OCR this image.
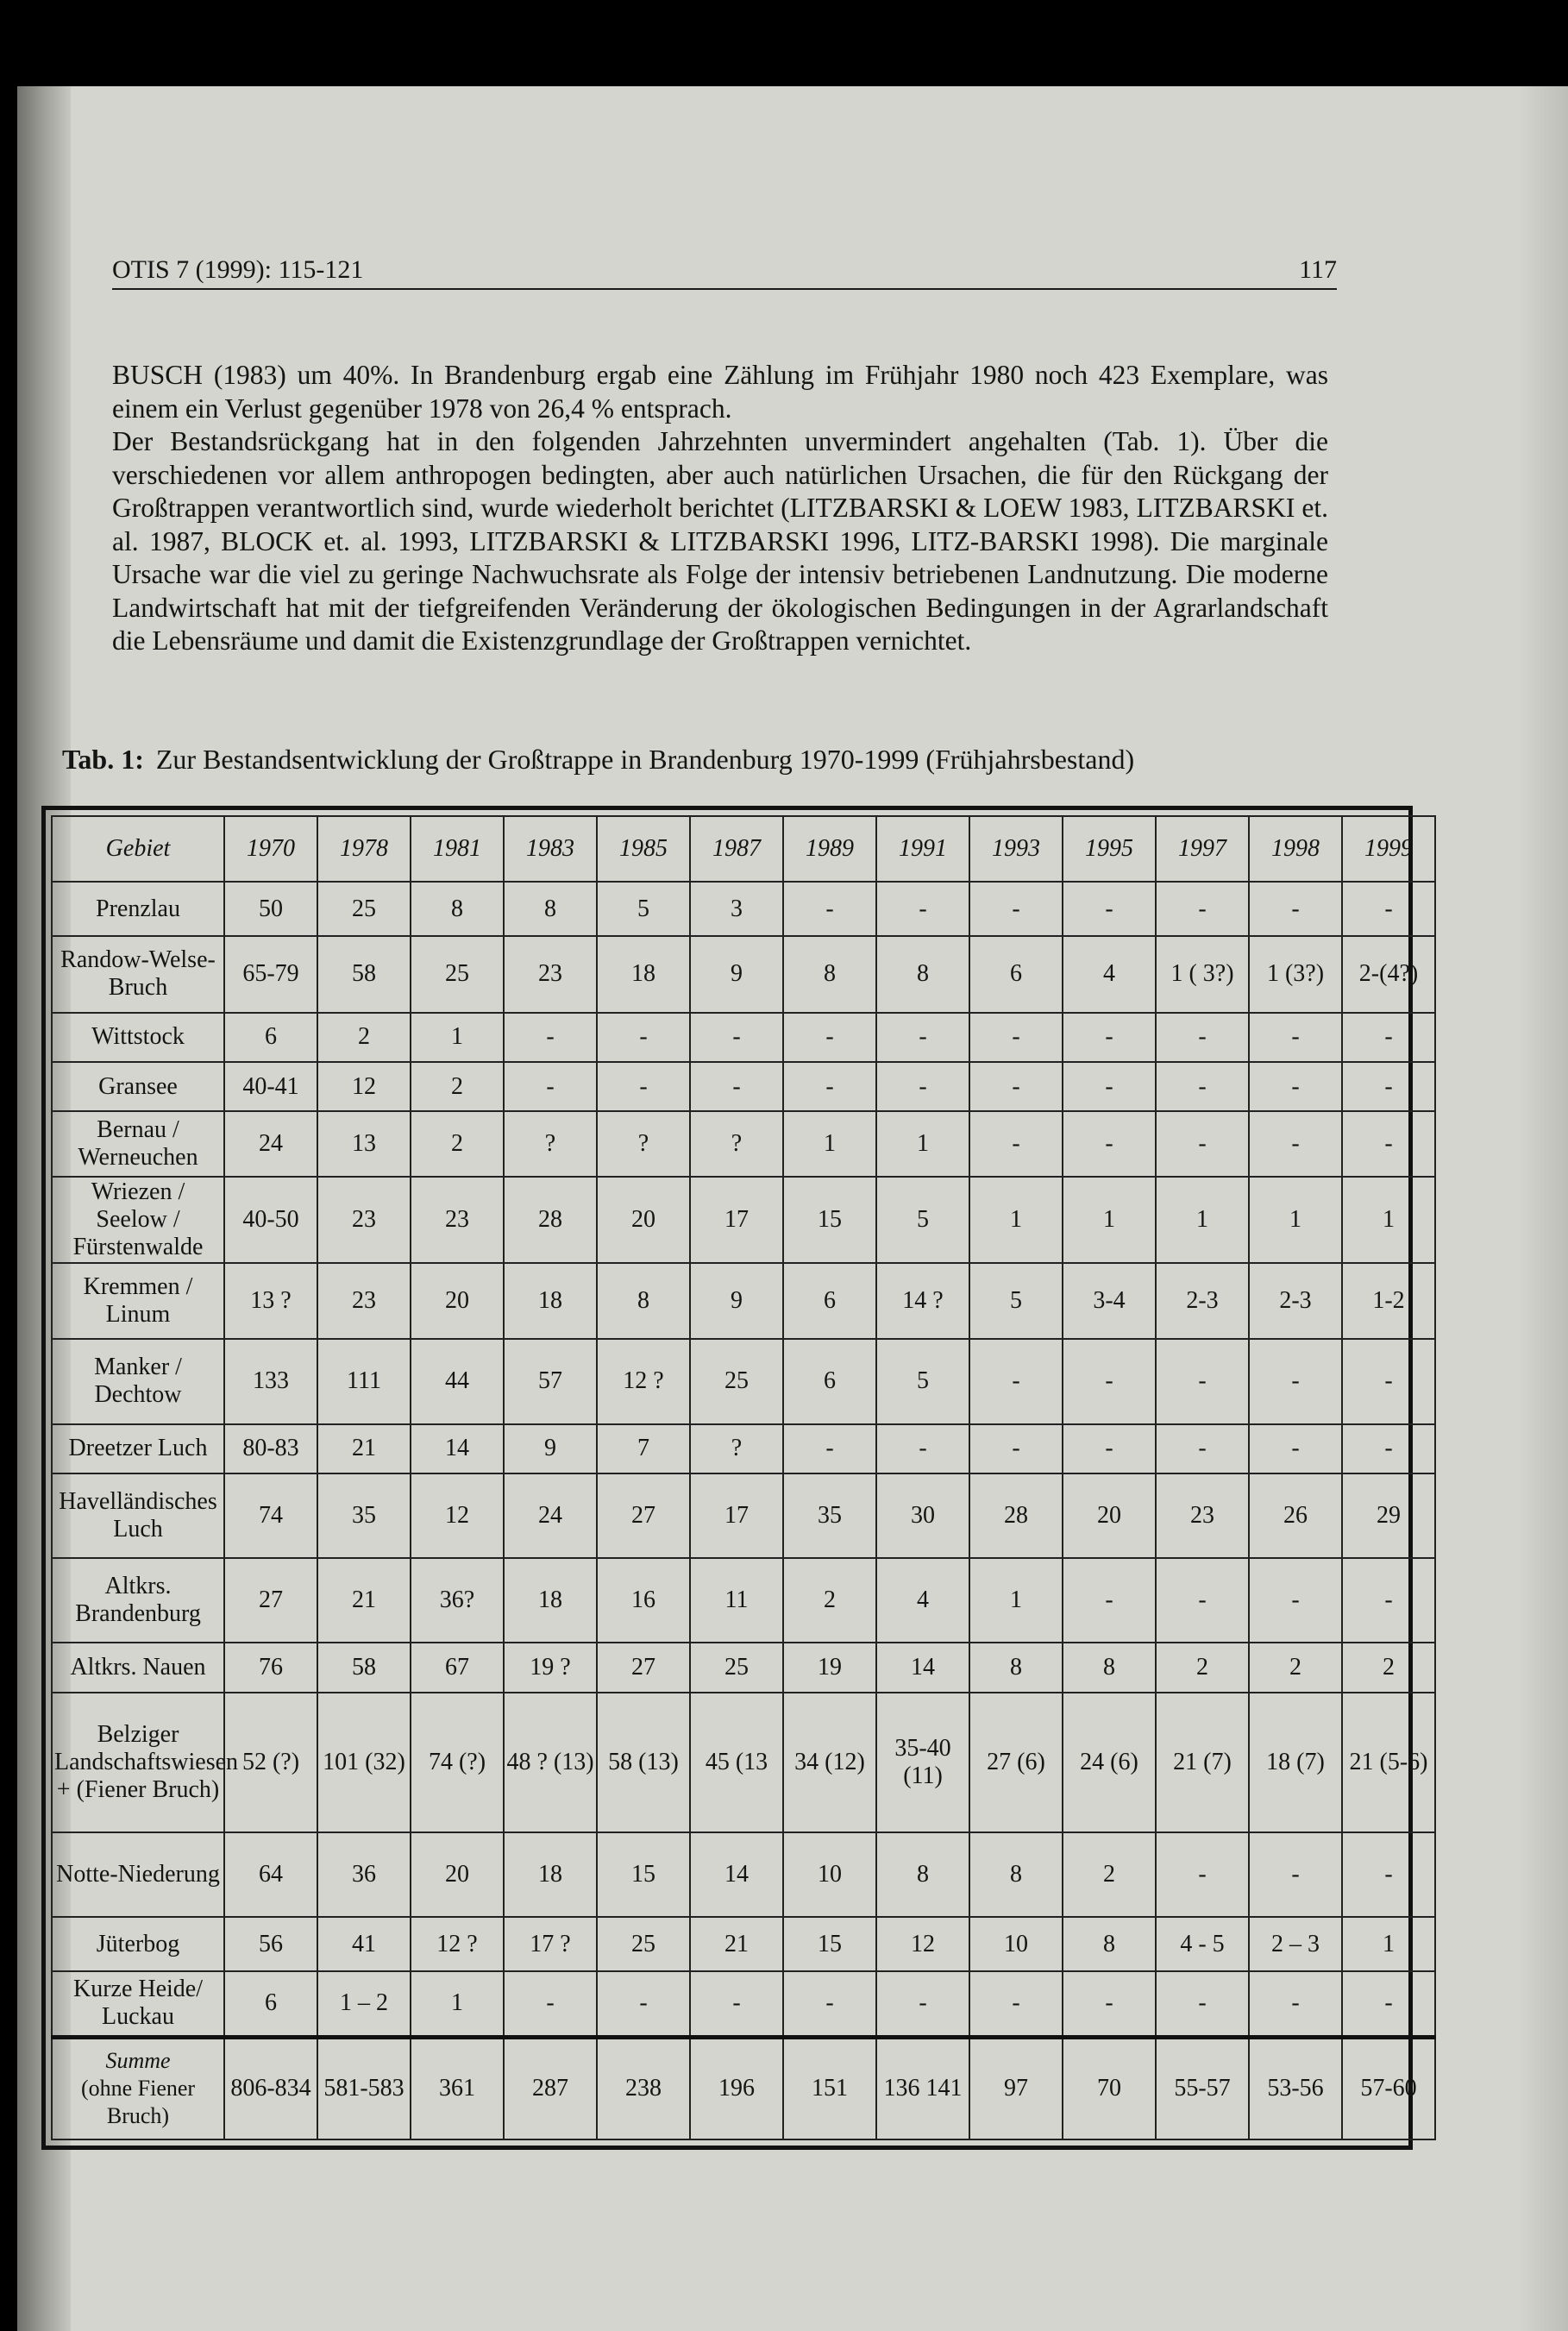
OTIS 7 (1999): 115-121	117

BUSCH (1983) um 40%. In Brandenburg ergab eine Zählung im Frühjahr 1980 noch 423 Exemplare, was einem ein Verlust gegenüber 1978 von 26,4 % entsprach.

Der Bestandsrückgang hat in den folgenden Jahrzehnten unvermindert angehalten (Tab. 1). Über die verschiedenen vor allem anthropogen bedingten, aber auch natürlichen Ursachen, die für den Rückgang der Großtrappen verantwortlich sind, wurde wiederholt berichtet (LITZBARSKI & LOEW 1983, LITZBARSKI et. al. 1987, BLOCK et. al. 1993, LITZBARSKI & LITZBARSKI 1996, LITZ-BARSKI 1998). Die marginale Ursache war die viel zu geringe Nachwuchsrate als Folge der intensiv betriebenen Landnutzung. Die moderne Landwirtschaft hat mit der tiefgreifenden Veränderung der ökologischen Bedingungen in der Agrarlandschaft die Lebensräume und damit die Existenzgrundlage der Großtrappen vernichtet.

Tab. 1: Zur Bestandsentwicklung der Großtrappe in Brandenburg 1970-1999 (Frühjahrsbestand)
Gebiet	1970	1978	1981	1983	1985	1987	1989	1991	1993	1995	1997	1998	1999
Prenzlau	50	25	8	8	5	3	-	-	-	-	-	-	-
Randow-Welse-Bruch	65-79	58	25	23	18	9	8	8	6	4	1 ( 3?)	1 (3?)	2-(4?)
Wittstock	6	2	1	-	-	-	-	-	-	-	-	-	-
Gransee	40-41	12	2	-	-	-	-	-	-	-	-	-	-
Bernau / Werneuchen	24	13	2	?	?	?	1	1	-	-	-	-	-
Wriezen / Seelow / Fürstenwalde	40-50	23	23	28	20	17	15	5	1	1	1	1	1
Kremmen / Linum	13 ?	23	20	18	8	9	6	14 ?	5	3-4	2-3	2-3	1-2
Manker / Dechtow	133	111	44	57	12 ?	25	6	5	-	-	-	-	-
Dreetzer Luch	80-83	21	14	9	7	?	-	-	-	-	-	-	-
Havelländisches Luch	74	35	12	24	27	17	35	30	28	20	23	26	29
Altkrs. Brandenburg	27	21	36?	18	16	11	2	4	1	-	-	-	-
Altkrs. Nauen	76	58	67	19 ?	27	25	19	14	8	8	2	2	2
Belziger Landschaftswiesen + (Fiener Bruch)	52 (?)	101 (32)	74 (?)	48 ? (13)	58 (13)	45 (13	34 (12)	35-40 (11)	27 (6)	24 (6)	21 (7)	18 (7)	21 (5-6)
Notte-Niederung	64	36	20	18	15	14	10	8	8	2	-	-	-
Jüterbog	56	41	12 ?	17 ?	25	21	15	12	10	8	4 - 5	2 – 3	1
Kurze Heide/ Luckau	6	1 – 2	1	-	-	-	-	-	-	-	-	-	-

Summe
(ohne Fiener Bruch)	806-834	581-583	361	287	238	196	151	136 141	97	70	55-57	53-56	57-60
